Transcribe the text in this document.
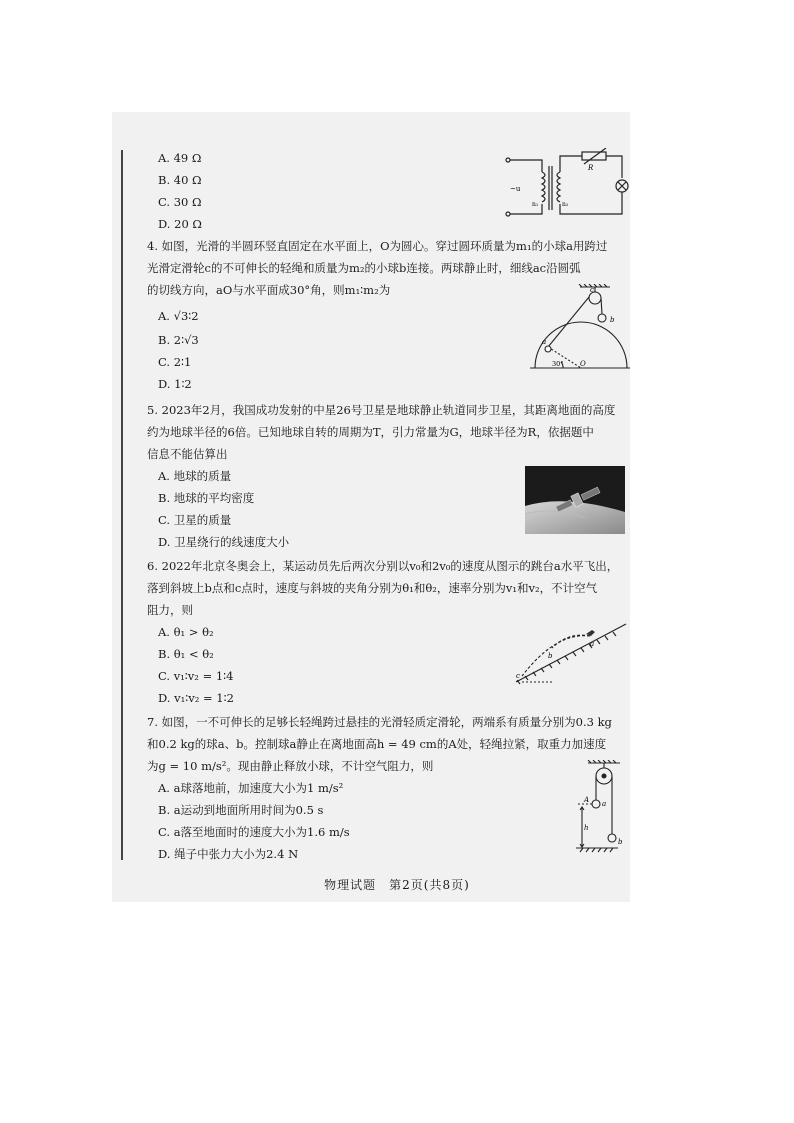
A. 49 Ω
B. 40 Ω
C. 30 Ω
D. 20 Ω
~u
n₁	n₂
R
4. 如图，光滑的半圆环竖直固定在水平面上，O为圆心。穿过圆环质量为m₁的小球a用跨过
光滑定滑轮c的不可伸长的轻绳和质量为m₂的小球b连接。两球静止时，细线ac沿圆弧
的切线方向，aO与水平面成30°角，则m₁∶m₂为
A. √3∶2
B. 2∶√3
C. 2∶1
D. 1∶2
c
b
a
30° O
5. 2023年2月，我国成功发射的中星26号卫星是地球静止轨道同步卫星，其距离地面的高度
约为地球半径的6倍。已知地球自转的周期为T，引力常量为G，地球半径为R，依据题中
信息不能估算出
A. 地球的质量
B. 地球的平均密度
C. 卫星的质量
D. 卫星绕行的线速度大小
6. 2022年北京冬奥会上，某运动员先后两次分别以v₀和2v₀的速度从图示的跳台a水平飞出，
落到斜坡上b点和c点时，速度与斜坡的夹角分别为θ₁和θ₂，速率分别为v₁和v₂，不计空气
阻力，则
A. θ₁ > θ₂
B. θ₁ < θ₂
C. v₁∶v₂ = 1∶4
D. v₁∶v₂ = 1∶2
a
b
c
7. 如图，一不可伸长的足够长轻绳跨过悬挂的光滑轻质定滑轮，两端系有质量分别为0.3 kg
和0.2 kg的球a、b。控制球a静止在离地面高h = 49 cm的A处，轻绳拉紧，取重力加速度
为g = 10 m/s²。现由静止释放小球，不计空气阻力，则
A. a球落地前，加速度大小为1 m/s²
B. a运动到地面所用时间为0.5 s
C. a落至地面时的速度大小为1.6 m/s
D. 绳子中张力大小为2.4 N
A a
h
b
物理试题　第2页(共8页)
